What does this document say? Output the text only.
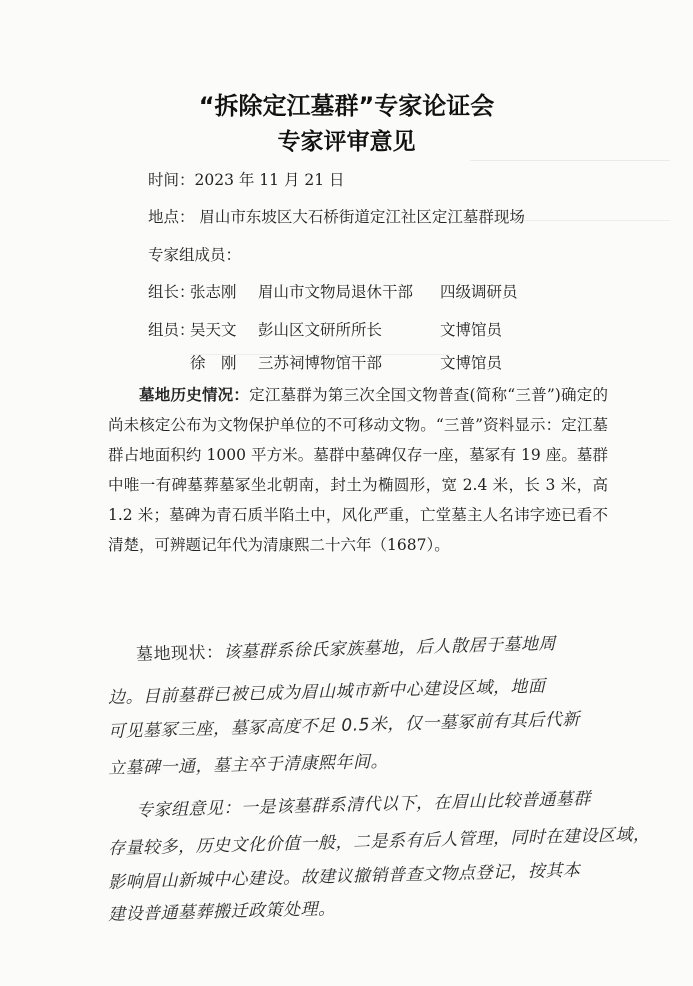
“拆除定江墓群”专家论证会
专家评审意见
时间：2023 年 11 月 21 日
地点： 眉山市东坡区大石桥街道定江社区定江墓群现场
专家组成员：
组长：
张志刚 眉山市文物局退休干部 四级调研员
组员：
吴天文 彭山区文研所所长	文博馆员
徐　刚 三苏祠博物馆干部	文博馆员
墓地历史情况：定江墓群为第三次全国文物普查(简称“三普”)确定的尚未核定公布为文物保护单位的不可移动文物。“三普”资料显示：定江墓群占地面积约 1000 平方米。墓群中墓碑仅存一座，墓冢有 19 座。墓群中唯一有碑墓葬墓冢坐北朝南，封土为椭圆形，宽 2.4 米，长 3 米，高 1.2 米；墓碑为青石质半陷土中，风化严重，亡堂墓主人名讳字迹已看不清楚，可辨题记年代为清康熙二十六年（1687）。
墓地现状：该墓群系徐氏家族墓地，后人散居于墓地周
边。目前墓群已被已成为眉山城市新中心建设区域，地面
可见墓冢三座，墓冢高度不足 0.5米，仅一墓冢前有其后代新
立墓碑一通，墓主卒于清康熙年间。
专家组意见：一是该墓群系清代以下，在眉山比较普通墓群
存量较多，历史文化价值一般，二是系有后人管理，同时在建设区域，
影响眉山新城中心建设。故建议撤销普查文物点登记，按其本
建设普通墓葬搬迁政策处理。
